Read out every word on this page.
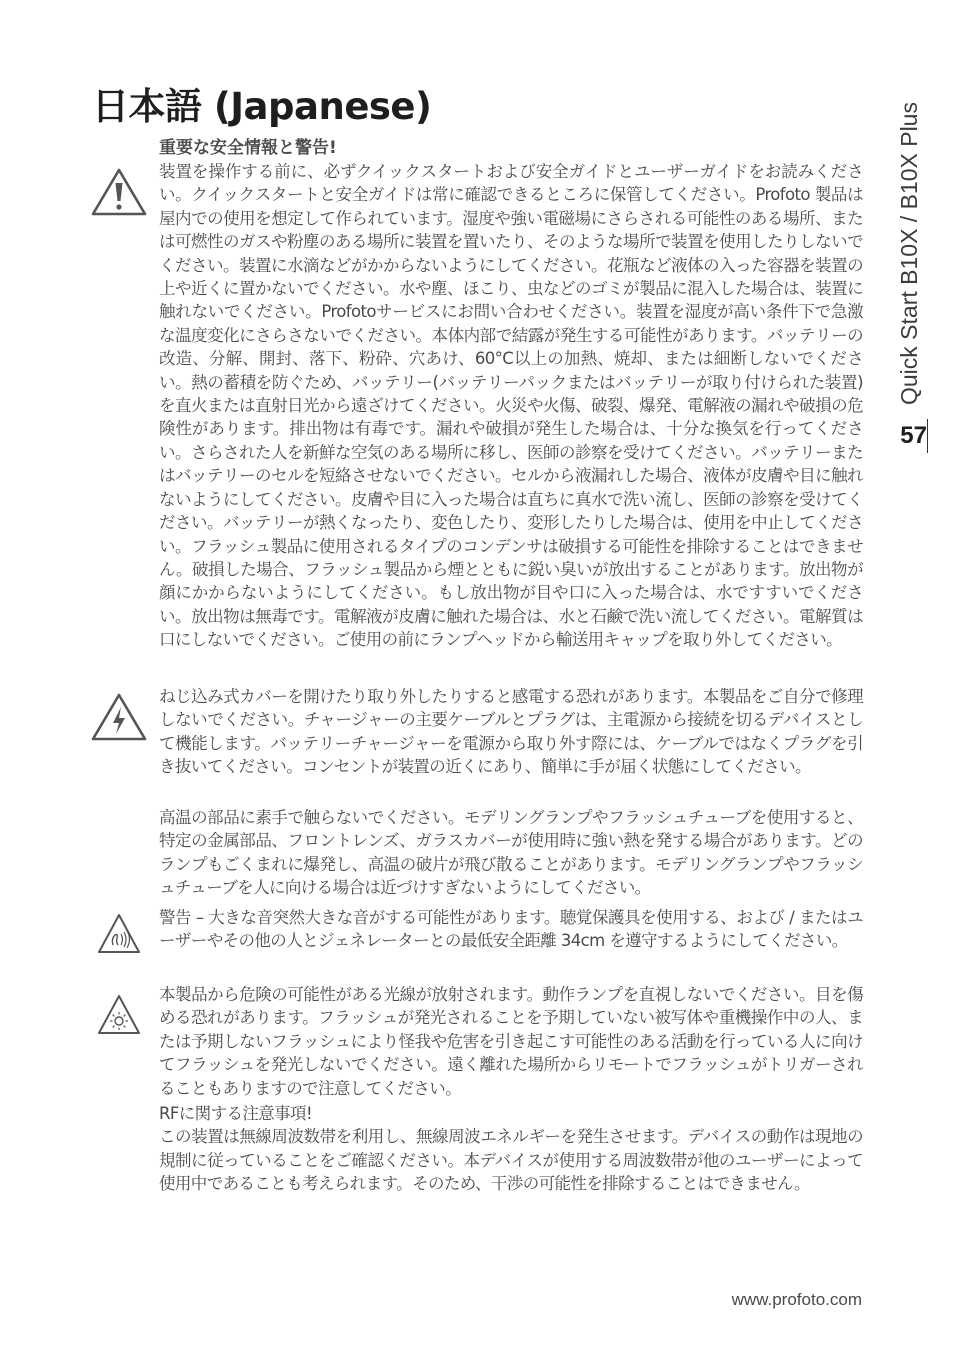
日本語 (Japanese)
重要な安全情報と警告!

装置を操作する前に、必ずクイックスタートおよび安全ガイドとユーザーガイドをお読みください。クイックスタートと安全ガイドは常に確認できるところに保管してください。Profoto 製品は屋内での使用を想定して作られています。湿度や強い電磁場にさらされる可能性のある場所、または可燃性のガスや粉塵のある場所に装置を置いたり、そのような場所で装置を使用したりしないでください。装置に水滴などがかからないようにしてください。花瓶など液体の入った容器を装置の上や近くに置かないでください。水や塵、ほこり、虫などのゴミが製品に混入した場合は、装置に触れないでください。Profotoサービスにお問い合わせください。装置を湿度が高い条件下で急激な温度変化にさらさないでください。本体内部で結露が発生する可能性があります。バッテリーの改造、分解、開封、落下、粉砕、穴あけ、60°C以上の加熱、焼却、または細断しないでください。熱の蓄積を防ぐため、バッテリー(バッテリーパックまたはバッテリーが取り付けられた装置)を直火または直射日光から遠ざけてください。火災や火傷、破裂、爆発、電解液の漏れや破損の危険性があります。排出物は有毒です。漏れや破損が発生した場合は、十分な換気を行ってください。さらされた人を新鮮な空気のある場所に移し、医師の診察を受けてください。バッテリーまたはバッテリーのセルを短絡させないでください。セルから液漏れした場合、液体が皮膚や目に触れないようにしてください。皮膚や目に入った場合は直ちに真水で洗い流し、医師の診察を受けてください。バッテリーが熱くなったり、変色したり、変形したりした場合は、使用を中止してください。フラッシュ製品に使用されるタイプのコンデンサは破損する可能性を排除することはできません。破損した場合、フラッシュ製品から煙とともに鋭い臭いが放出することがあります。放出物が顔にかからないようにしてください。もし放出物が目や口に入った場合は、水ですすいでください。放出物は無毒です。電解液が皮膚に触れた場合は、水と石鹸で洗い流してください。電解質は口にしないでください。ご使用の前にランプヘッドから輸送用キャップを取り外してください。

ねじ込み式カバーを開けたり取り外したりすると感電する恐れがあります。本製品をご自分で修理しないでください。チャージャーの主要ケーブルとプラグは、主電源から接続を切るデバイスとして機能します。バッテリーチャージャーを電源から取り外す際には、ケーブルではなくプラグを引き抜いてください。コンセントが装置の近くにあり、簡単に手が届く状態にしてください。

高温の部品に素手で触らないでください。モデリングランプやフラッシュチューブを使用すると、特定の金属部品、フロントレンズ、ガラスカバーが使用時に強い熱を発する場合があります。どのランプもごくまれに爆発し、高温の破片が飛び散ることがあります。モデリングランプやフラッシュチューブを人に向ける場合は近づけすぎないようにしてください。

警告 – 大きな音突然大きな音がする可能性があります。聴覚保護具を使用する、および / またはユーザーやその他の人とジェネレーターとの最低安全距離 34cm を遵守するようにしてください。

本製品から危険の可能性がある光線が放射されます。動作ランプを直視しないでください。目を傷める恐れがあります。フラッシュが発光されることを予期していない被写体や重機操作中の人、または予期しないフラッシュにより怪我や危害を引き起こす可能性のある活動を行っている人に向けてフラッシュを発光しないでください。遠く離れた場所からリモートでフラッシュがトリガーされることもありますので注意してください。

RFに関する注意事項!
この装置は無線周波数帯を利用し、無線周波エネルギーを発生させます。デバイスの動作は現地の規制に従っていることをご確認ください。本デバイスが使用する周波数帯が他のユーザーによって使用中であることも考えられます。そのため、干渉の可能性を排除することはできません。

Quick Start B10X / B10X Plus
57
www.profoto.com
